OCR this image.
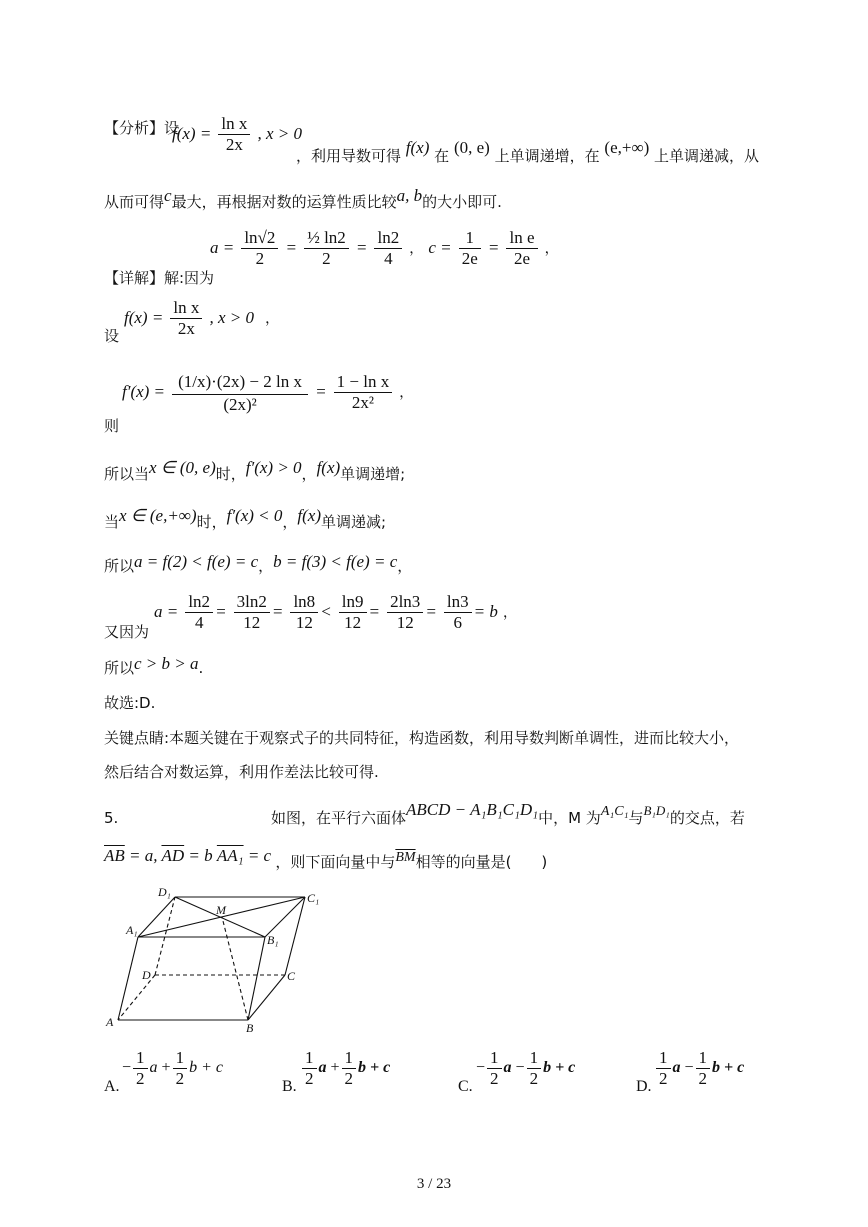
【分析】设
$f(x) = \frac{\text{ln x}}{2x}$ , x > 0
，利用导数可得 f(x) 在 (0, e) 上单调递增，在 (e,+∞) 上单调递减，从
从而可得c最大，再根据对数的运算性质比较a, b的大小即可.
【详解】解:因为
$a = \frac{\ln√2}{2} = \frac{\text{½ ln2}}{2} = \frac{\ln 2}{4}$ ， $c = \frac{1}{2e} = \frac{\text{ln e}}{2e}$ ，
设
$f(x) = \frac{\text{ln x}}{2x}$ , x > 0 ，
则
$f'(x) = \frac{\text{(1/x)·(2x) − 2 ln x}}{\text{(2x)²}} = \frac{\text{1 − ln x}}{\text{2x²}}$ ，
所以当x ∈ (0, e)时，f′(x) > 0，f(x)单调递增;
当x ∈ (e,+∞)时，f′(x) < 0，f(x)单调递减;
所以a = f(2) < f(e) = c，b = f(3) < f(e) = c，
又因为
$a = \frac{\ln 2}{4} = \frac{3\ln 2}{12} = \frac{\ln 8}{12} < \frac{\ln 9}{12} = \frac{2\ln 3}{12} = \frac{\ln 3}{6} = b$ ，
所以c > b > a.
故选:D.
关键点睛:本题关键在于观察式子的共同特征，构造函数，利用导数判断单调性，进而比较大小，
然后结合对数运算，利用作差法比较可得.
5.	如图，在平行六面体ABCD − A₁B₁C₁D₁中，M 为A₁C₁与B₁D₁的交点，若
$\overline{AB} = a$, $\overline{AD} = b$ AA₁ = c ，则下面向量中与$\overline{BM}$相等的向量是(　　)
D₁	C₁
M
A₁
B₁
D	C
A	B
A.
− $\frac{1}{2}$ $a + \frac{1}{2}$ b + c
B. $\frac{1}{2}$ $a + \frac{1}{2}$ b + c
C.
− $\frac{1}{2}$ $a - \frac{1}{2}$ b + c
D. $\frac{1}{2}$ $a - \frac{1}{2}$ b + c
3 / 23
